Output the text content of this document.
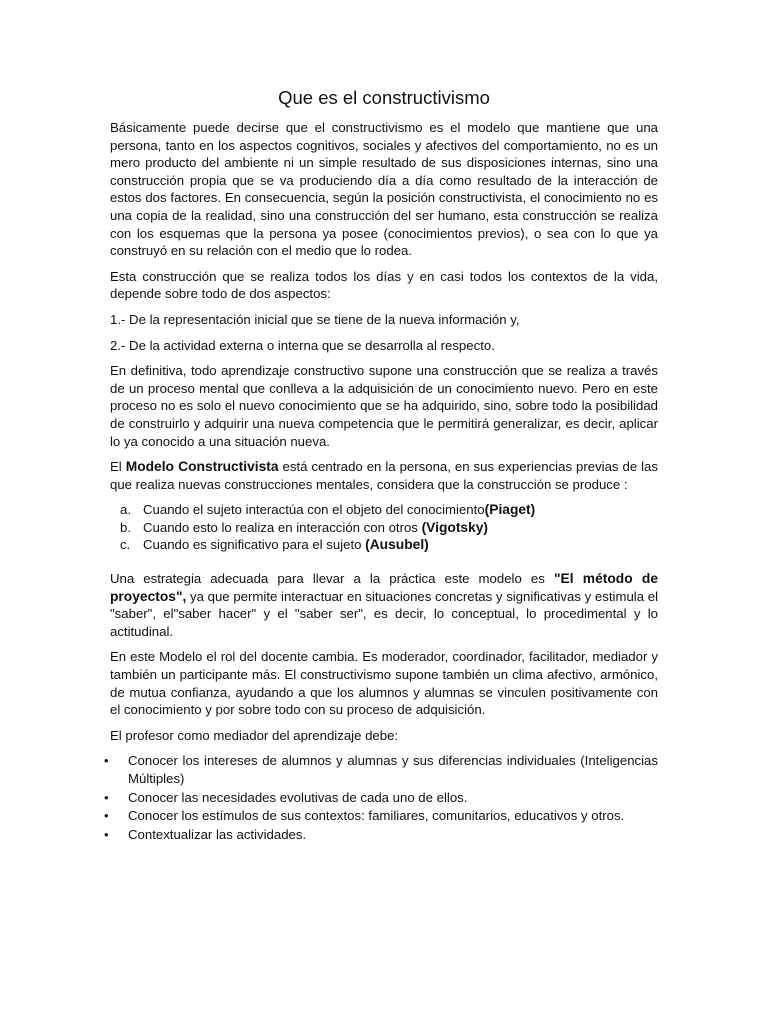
Que es el constructivismo

Básicamente puede decirse que el constructivismo es el modelo que mantiene que una persona, tanto en los aspectos cognitivos, sociales y afectivos del comportamiento, no es un mero producto del ambiente ni un simple resultado de sus disposiciones internas, sino una construcción propia que se va produciendo día a día como resultado de la interacción de estos dos factores. En consecuencia, según la posición constructivista, el conocimiento no es una copia de la realidad, sino una construcción del ser humano, esta construcción se realiza con los esquemas que la persona ya posee (conocimientos previos), o sea con lo que ya construyó en su relación con el medio que lo rodea.

Esta construcción que se realiza todos los días y en casi todos los contextos de la vida, depende sobre todo de dos aspectos:

1.- De la representación inicial que se tiene de la nueva información y,

2.- De la actividad externa o interna que se desarrolla al respecto.

En definitiva, todo aprendizaje constructivo supone una construcción que se realiza a través de un proceso mental que conlleva a la adquisición de un conocimiento nuevo. Pero en este proceso no es solo el nuevo conocimiento que se ha adquirido, sino, sobre todo la posibilidad de construirlo y adquirir una nueva competencia que le permitirá generalizar, es decir, aplicar lo ya conocido a una situación nueva.

El Modelo Constructivista está centrado en la persona, en sus experiencias previas de las que realiza nuevas construcciones mentales, considera que la construcción se produce :

a. Cuando el sujeto interactúa con el objeto del conocimiento(Piaget)
b. Cuando esto lo realiza en interacción con otros (Vigotsky)
c. Cuando es significativo para el sujeto (Ausubel)

Una estrategia adecuada para llevar a la práctica este modelo es "El método de proyectos", ya que permite interactuar en situaciones concretas y significativas y estimula el "saber", el"saber hacer" y el "saber ser", es decir, lo conceptual, lo procedimental y lo actitudinal.

En este Modelo el rol del docente cambia. Es moderador, coordinador, facilitador, mediador y también un participante más. El constructivismo supone también un clima afectivo, armónico, de mutua confianza, ayudando a que los alumnos y alumnas se vinculen positivamente con el conocimiento y por sobre todo con su proceso de adquisición.

El profesor como mediador del aprendizaje debe:

• Conocer los intereses de alumnos y alumnas y sus diferencias individuales (Inteligencias Múltiples)
• Conocer las necesidades evolutivas de cada uno de ellos.
• Conocer los estímulos de sus contextos: familiares, comunitarios, educativos y otros.
• Contextualizar las actividades.
